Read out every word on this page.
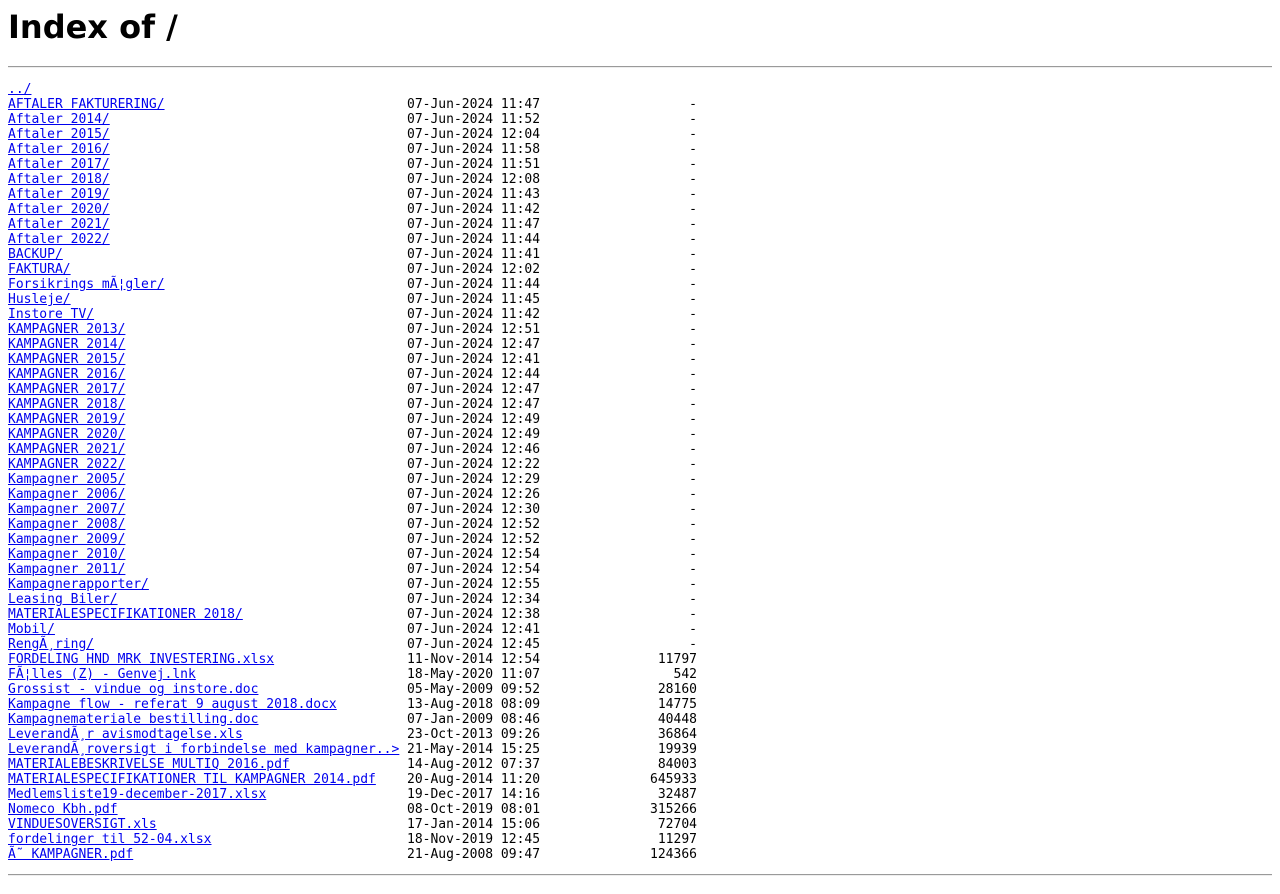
Index of /
../
AFTALER FAKTURERING/	07-Jun-2024 11:47	-
Aftaler 2014/	07-Jun-2024 11:52	-
Aftaler 2015/	07-Jun-2024 12:04	-
Aftaler 2016/	07-Jun-2024 11:58	-
Aftaler 2017/	07-Jun-2024 11:51	-
Aftaler 2018/	07-Jun-2024 12:08	-
Aftaler 2019/	07-Jun-2024 11:43	-
Aftaler 2020/	07-Jun-2024 11:42	-
Aftaler 2021/	07-Jun-2024 11:47	-
Aftaler 2022/	07-Jun-2024 11:44	-
BACKUP/	07-Jun-2024 11:41	-
FAKTURA/	07-Jun-2024 12:02	-
Forsikrings mÃ¦gler/	07-Jun-2024 11:44	-
Husleje/	07-Jun-2024 11:45	-
Instore TV/	07-Jun-2024 11:42	-
KAMPAGNER 2013/	07-Jun-2024 12:51	-
KAMPAGNER 2014/	07-Jun-2024 12:47	-
KAMPAGNER 2015/	07-Jun-2024 12:41	-
KAMPAGNER 2016/	07-Jun-2024 12:44	-
KAMPAGNER 2017/	07-Jun-2024 12:47	-
KAMPAGNER 2018/	07-Jun-2024 12:47	-
KAMPAGNER 2019/	07-Jun-2024 12:49	-
KAMPAGNER 2020/	07-Jun-2024 12:49	-
KAMPAGNER 2021/	07-Jun-2024 12:46	-
KAMPAGNER 2022/	07-Jun-2024 12:22	-
Kampagner 2005/	07-Jun-2024 12:29	-
Kampagner 2006/	07-Jun-2024 12:26	-
Kampagner 2007/	07-Jun-2024 12:30	-
Kampagner 2008/	07-Jun-2024 12:52	-
Kampagner 2009/	07-Jun-2024 12:52	-
Kampagner 2010/	07-Jun-2024 12:54	-
Kampagner 2011/	07-Jun-2024 12:54	-
Kampagnerapporter/	07-Jun-2024 12:55	-
Leasing Biler/	07-Jun-2024 12:34	-
MATERIALESPECIFIKATIONER 2018/	07-Jun-2024 12:38	-
Mobil/	07-Jun-2024 12:41	-
RengÃ¸ring/	07-Jun-2024 12:45	-
FORDELING HND MRK INVESTERING.xlsx	11-Nov-2014 12:54	11797
FÃ¦lles (Z) - Genvej.lnk	18-May-2020 11:07	542
Grossist - vindue og instore.doc	05-May-2009 09:52	28160
Kampagne flow - referat 9 august 2018.docx	13-Aug-2018 08:09	14775
Kampagnemateriale bestilling.doc	07-Jan-2009 08:46	40448
LeverandÃ¸r avismodtagelse.xls	23-Oct-2013 09:26	36864
LeverandÃ¸roversigt i forbindelse med kampagner..> 21-May-2014 15:25	19939
MATERIALEBESKRIVELSE MULTIQ 2016.pdf	14-Aug-2012 07:37	84003
MATERIALESPECIFIKATIONER TIL KAMPAGNER 2014.pdf 20-Aug-2014 11:20	645933
Medlemsliste19-december-2017.xlsx	19-Dec-2017 14:16	32487
Nomeco Kbh.pdf	08-Oct-2019 08:01	315266
VINDUESOVERSIGT.xls	17-Jan-2014 15:06	72704
fordelinger til 52-04.xlsx	18-Nov-2019 12:45	11297
Ã˜ KAMPAGNER.pdf	21-Aug-2008 09:47	124366
